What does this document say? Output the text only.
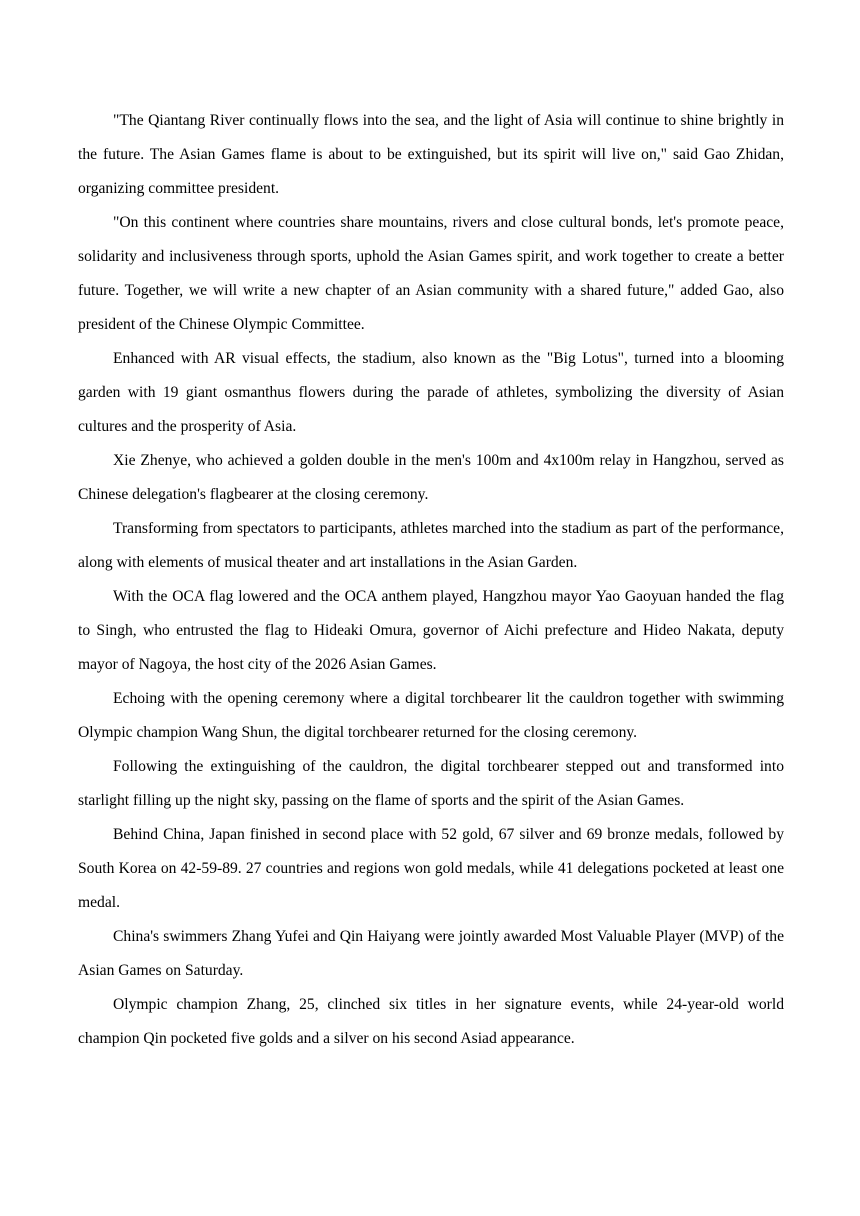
"The Qiantang River continually flows into the sea, and the light of Asia will continue to shine brightly in the future. The Asian Games flame is about to be extinguished, but its spirit will live on," said Gao Zhidan, organizing committee president.

"On this continent where countries share mountains, rivers and close cultural bonds, let's promote peace, solidarity and inclusiveness through sports, uphold the Asian Games spirit, and work together to create a better future. Together, we will write a new chapter of an Asian community with a shared future," added Gao, also president of the Chinese Olympic Committee.

Enhanced with AR visual effects, the stadium, also known as the "Big Lotus", turned into a blooming garden with 19 giant osmanthus flowers during the parade of athletes, symbolizing the diversity of Asian cultures and the prosperity of Asia.

Xie Zhenye, who achieved a golden double in the men's 100m and 4x100m relay in Hangzhou, served as Chinese delegation's flagbearer at the closing ceremony.

Transforming from spectators to participants, athletes marched into the stadium as part of the performance, along with elements of musical theater and art installations in the Asian Garden.

With the OCA flag lowered and the OCA anthem played, Hangzhou mayor Yao Gaoyuan handed the flag to Singh, who entrusted the flag to Hideaki Omura, governor of Aichi prefecture and Hideo Nakata, deputy mayor of Nagoya, the host city of the 2026 Asian Games.

Echoing with the opening ceremony where a digital torchbearer lit the cauldron together with swimming Olympic champion Wang Shun, the digital torchbearer returned for the closing ceremony.

Following the extinguishing of the cauldron, the digital torchbearer stepped out and transformed into starlight filling up the night sky, passing on the flame of sports and the spirit of the Asian Games.

Behind China, Japan finished in second place with 52 gold, 67 silver and 69 bronze medals, followed by South Korea on 42-59-89. 27 countries and regions won gold medals, while 41 delegations pocketed at least one medal.

China's swimmers Zhang Yufei and Qin Haiyang were jointly awarded Most Valuable Player (MVP) of the Asian Games on Saturday.

Olympic champion Zhang, 25, clinched six titles in her signature events, while 24-year-old world champion Qin pocketed five golds and a silver on his second Asiad appearance.
